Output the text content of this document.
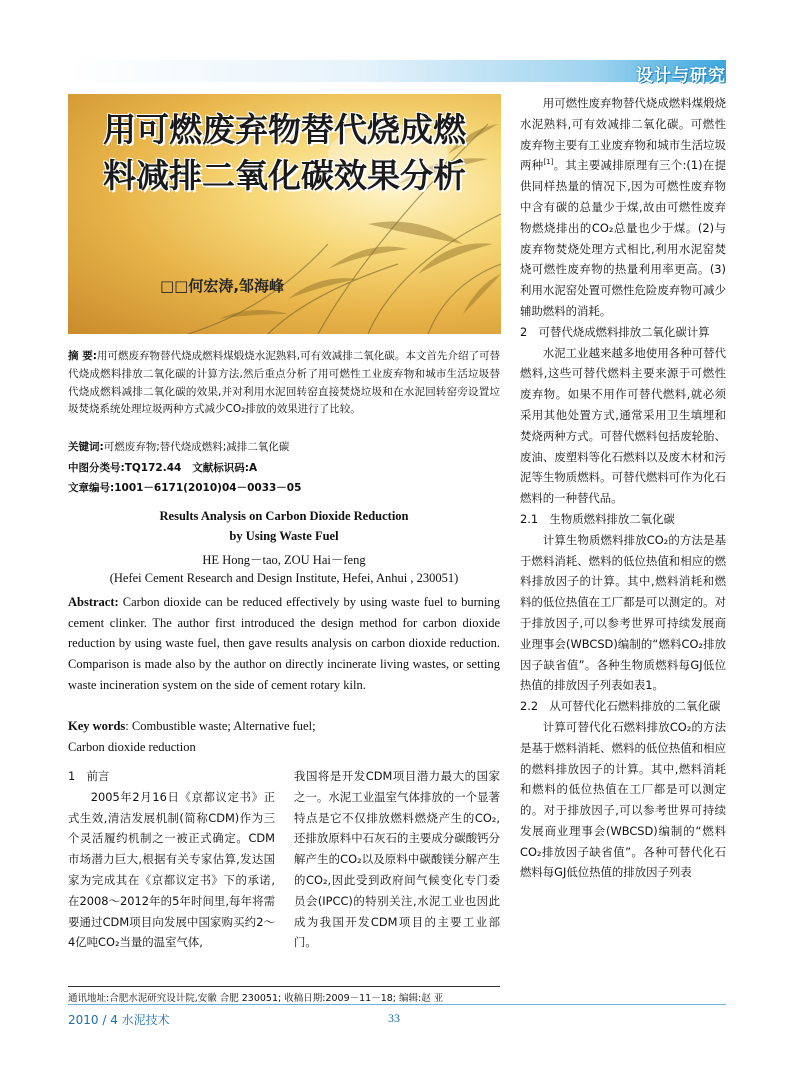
设计与研究
用可燃废弃物替代烧成燃
料减排二氧化碳效果分析
□□何宏涛,邹海峰
摘 要:用可燃废弃物替代烧成燃料煤煅烧水泥熟料,可有效减排二氧化碳。本文首先介绍了可替代烧成燃料排放二氧化碳的计算方法,然后重点分析了用可燃性工业废弃物和城市生活垃圾替代烧成燃料减排二氧化碳的效果,并对利用水泥回转窑直接焚烧垃圾和在水泥回转窑旁设置垃圾焚烧系统处理垃圾两种方式减少CO₂排放的效果进行了比较。
关键词:可燃废弃物;替代烧成燃料;减排二氧化碳
中图分类号:TQ172.44 文献标识码:A
文章编号:1001－6171(2010)04－0033－05
Results Analysis on Carbon Dioxide Reduction
by Using Waste Fuel
HE Hong－tao, ZOU Hai－feng
(Hefei Cement Research and Design Institute, Hefei, Anhui , 230051)
Abstract: Carbon dioxide can be reduced effectively by using waste fuel to burning cement clinker. The author first introduced the design method for carbon dioxide reduction by using waste fuel, then gave results analysis on carbon dioxide reduction. Comparison is made also by the author on directly incinerate living wastes, or setting waste incineration system on the side of cement rotary kiln.
Key words: Combustible waste; Alternative fuel;
Carbon dioxide reduction

1　前言

2005年2月16日《京都议定书》正式生效,清洁发展机制(简称CDM)作为三个灵活履约机制之一被正式确定。CDM市场潜力巨大,根据有关专家估算,发达国家为完成其在《京都议定书》下的承诺,在2008～2012年的5年时间里,每年将需要通过CDM项目向发展中国家购买约2～4亿吨CO₂当量的温室气体,

我国将是开发CDM项目潜力最大的国家之一。水泥工业温室气体排放的一个显著特点是它不仅排放燃料燃烧产生的CO₂,还排放原料中石灰石的主要成分碳酸钙分解产生的CO₂以及原料中碳酸镁分解产生的CO₂,因此受到政府间气候变化专门委员会(IPCC)的特别关注,水泥工业也因此成为我国开发CDM项目的主要工业部门。

用可燃性废弃物替代烧成燃料煤煅烧水泥熟料,可有效减排二氧化碳。可燃性废弃物主要有工业废弃物和城市生活垃圾两种[1]。其主要减排原理有三个:(1)在提供同样热量的情况下,因为可燃性废弃物中含有碳的总量少于煤,故由可燃性废弃物燃烧排出的CO₂总量也少于煤。(2)与废弃物焚烧处理方式相比,利用水泥窑焚烧可燃性废弃物的热量利用率更高。(3)利用水泥窑处置可燃性危险废弃物可减少辅助燃料的消耗。

2　可替代烧成燃料排放二氧化碳计算

水泥工业越来越多地使用各种可替代燃料,这些可替代燃料主要来源于可燃性废弃物。如果不用作可替代燃料,就必须采用其他处置方式,通常采用卫生填埋和焚烧两种方式。可替代燃料包括废轮胎、废油、废塑料等化石燃料以及废木材和污泥等生物质燃料。可替代燃料可作为化石燃料的一种替代品。

2.1　生物质燃料排放二氧化碳

计算生物质燃料排放CO₂的方法是基于燃料消耗、燃料的低位热值和相应的燃料排放因子的计算。其中,燃料消耗和燃料的低位热值在工厂都是可以测定的。对于排放因子,可以参考世界可持续发展商业理事会(WBCSD)编制的“燃料CO₂排放因子缺省值”。各种生物质燃料每GJ低位热值的排放因子列表如表1。

2.2　从可替代化石燃料排放的二氧化碳

计算可替代化石燃料排放CO₂的方法是基于燃料消耗、燃料的低位热值和相应的燃料排放因子的计算。其中,燃料消耗和燃料的低位热值在工厂都是可以测定的。对于排放因子,可以参考世界可持续发展商业理事会(WBCSD)编制的“燃料CO₂排放因子缺省值”。各种可替代化石燃料每GJ低位热值的排放因子列表

通讯地址:合肥水泥研究设计院,安徽 合肥 230051; 收稿日期:2009－11－18; 编辑:赵 亚
2010 / 4 水泥技术	33
